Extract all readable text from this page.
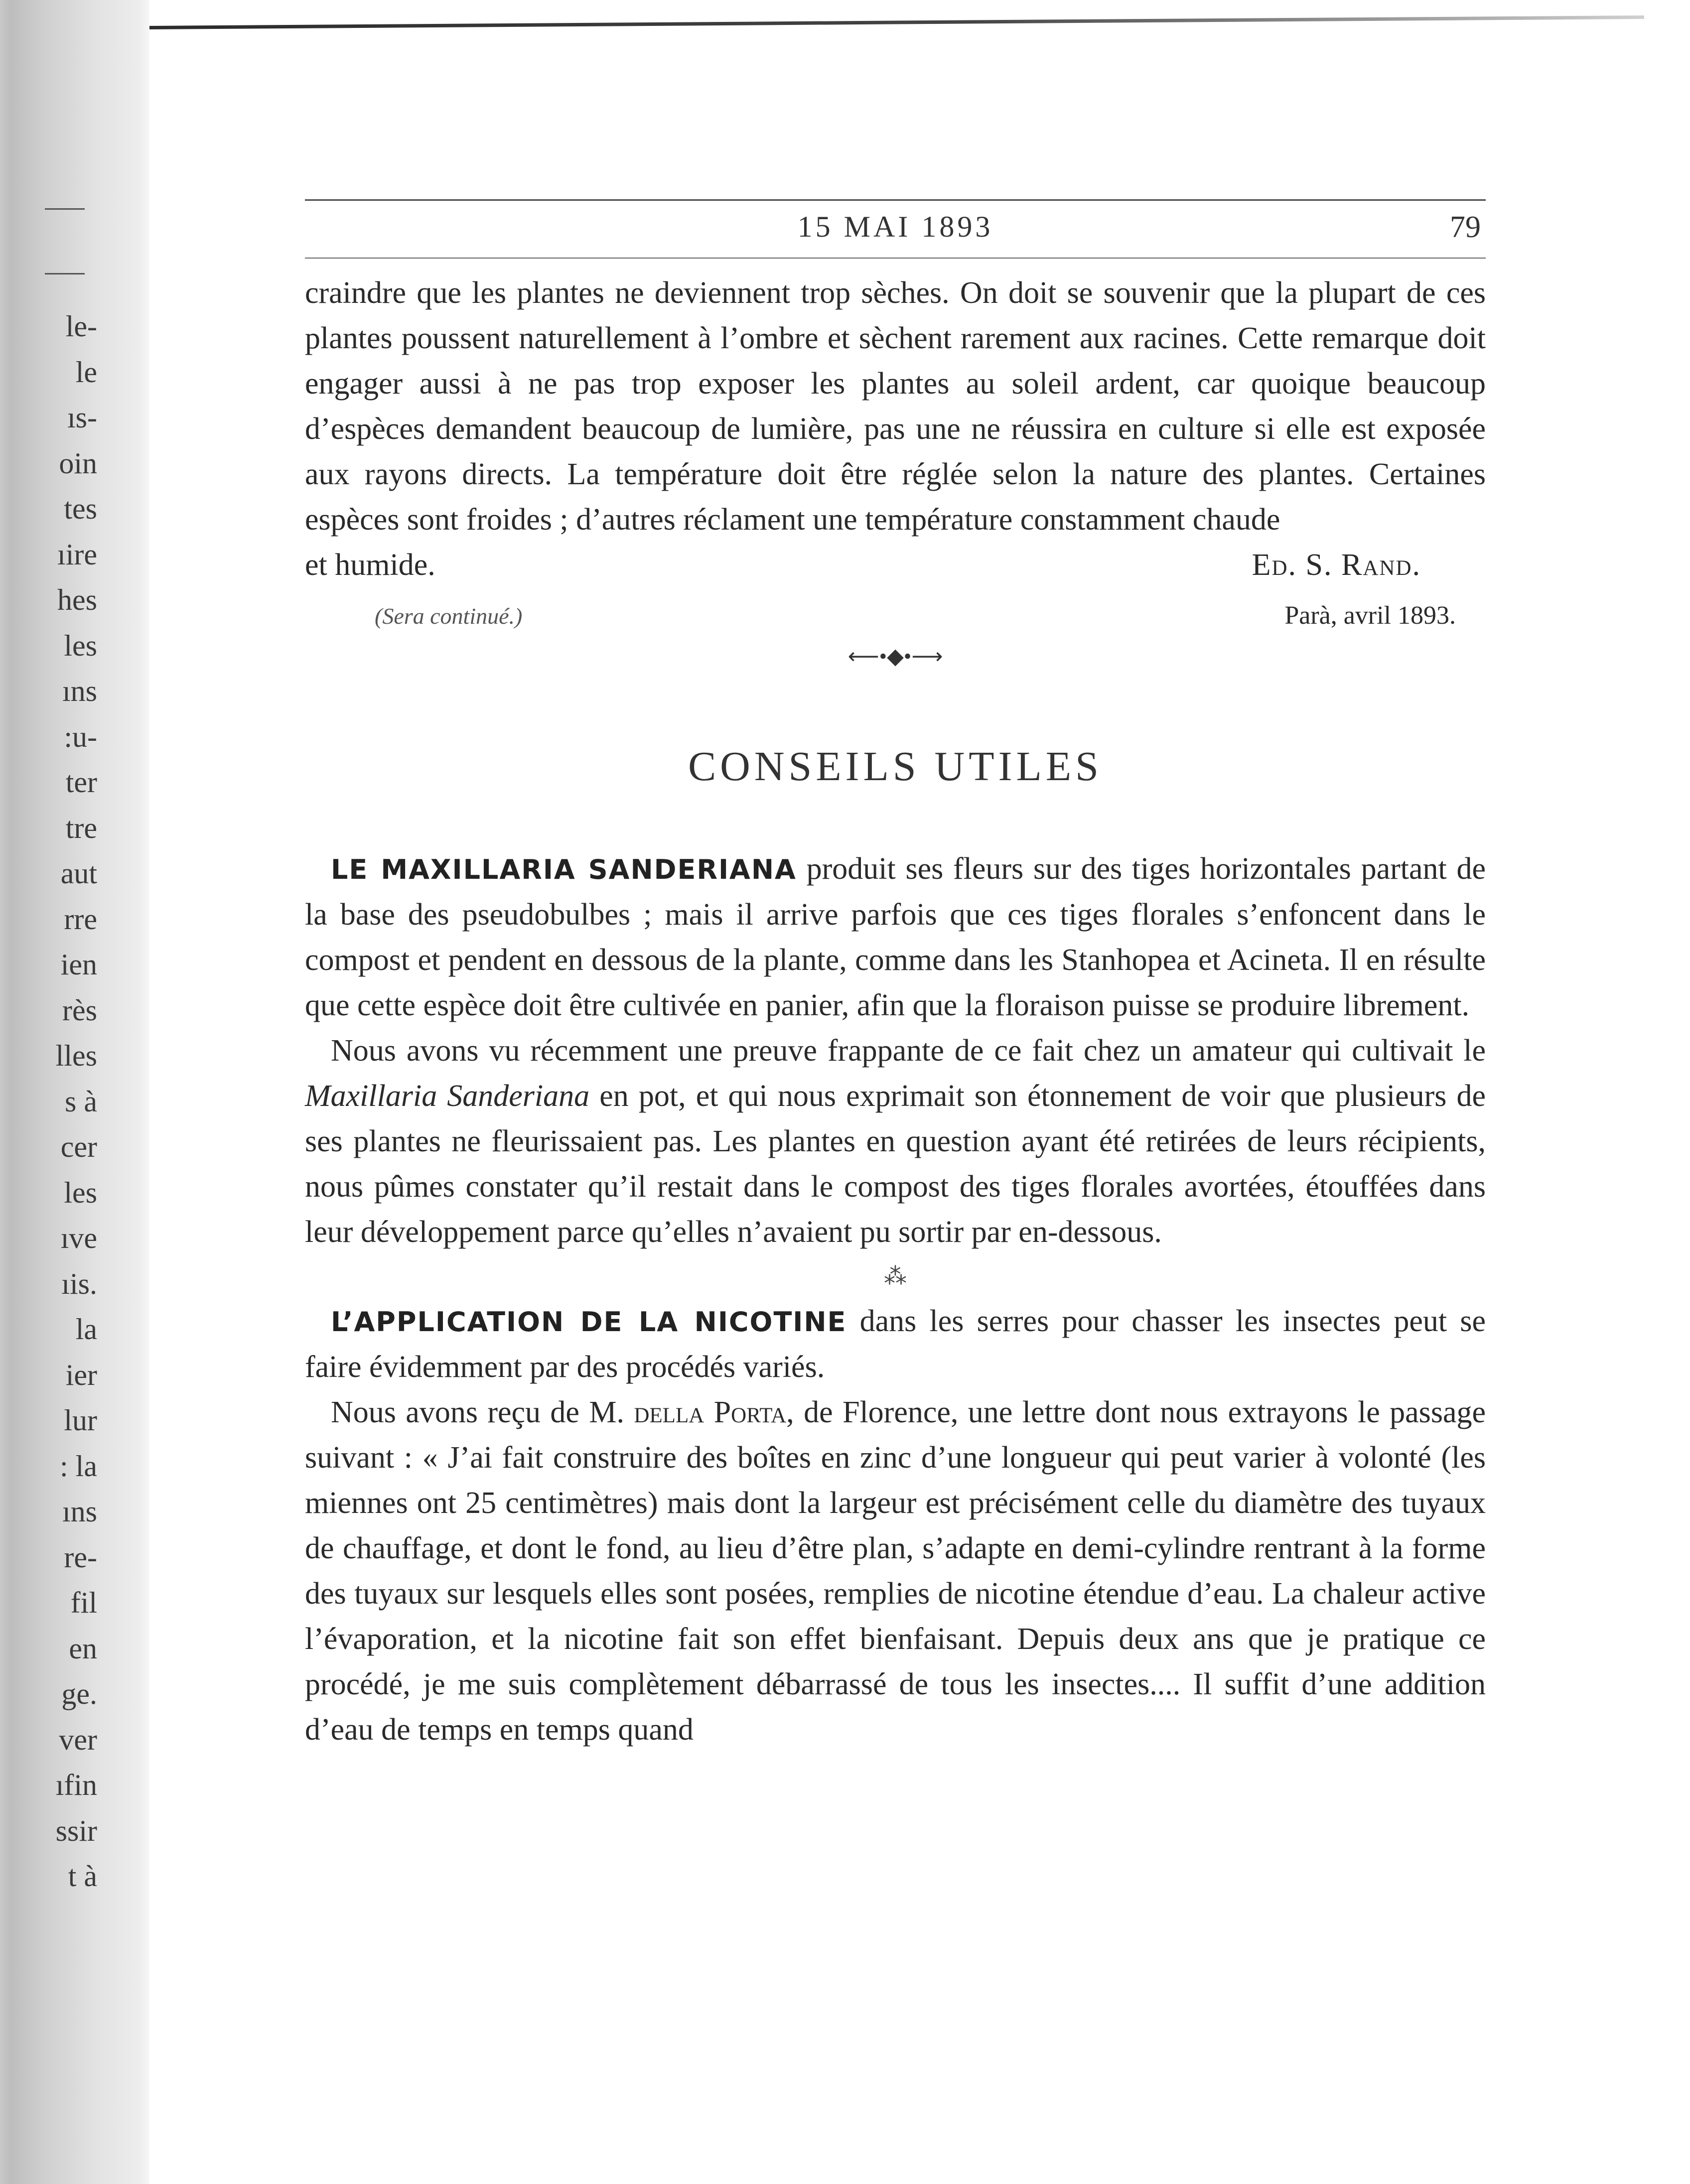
le-
le
ıs-
oin
tes
ıire
hes
les
ıns
:u-
ter
tre
aut
rre
ien
rès
lles
s à
cer
les
ıve
ıis.
la
ier
lur
: la
ıns
re-
fil
en
ge.
ver
ıfin
ssir
t à
15 MAI 1893	79

craindre que les plantes ne deviennent trop sèches. On doit se souvenir que la plupart de ces plantes poussent naturellement à l’ombre et sèchent rarement aux racines. Cette remarque doit engager aussi à ne pas trop exposer les plantes au soleil ardent, car quoique beaucoup d’espèces demandent beaucoup de lumière, pas une ne réussira en culture si elle est exposée aux rayons directs. La température doit être réglée selon la nature des plantes. Certaines espèces sont froides ; d’autres réclament une température constamment chaude

et humide.	Ed. S. Rand.
(Sera continué.)	Parà, avril 1893.
⟵•◆•⟶
CONSEILS UTILES

LE MAXILLARIA SANDERIANA produit ses fleurs sur des tiges horizontales partant de la base des pseudobulbes ; mais il arrive parfois que ces tiges florales s’enfoncent dans le compost et pendent en dessous de la plante, comme dans les Stanhopea et Acineta. Il en résulte que cette espèce doit être cultivée en panier, afin que la floraison puisse se produire librement.

Nous avons vu récemment une preuve frappante de ce fait chez un amateur qui cultivait le Maxillaria Sanderiana en pot, et qui nous exprimait son étonnement de voir que plusieurs de ses plantes ne fleurissaient pas. Les plantes en question ayant été retirées de leurs récipients, nous pûmes constater qu’il restait dans le compost des tiges florales avortées, étouffées dans leur développement parce qu’elles n’avaient pu sortir par en-dessous.

⁂

L’APPLICATION DE LA NICOTINE dans les serres pour chasser les insectes peut se faire évidemment par des procédés variés.

Nous avons reçu de M. della Porta, de Florence, une lettre dont nous extrayons le passage suivant : « J’ai fait construire des boîtes en zinc d’une longueur qui peut varier à volonté (les miennes ont 25 centimètres) mais dont la largeur est précisément celle du diamètre des tuyaux de chauffage, et dont le fond, au lieu d’être plan, s’adapte en demi-cylindre rentrant à la forme des tuyaux sur lesquels elles sont posées, remplies de nicotine étendue d’eau. La chaleur active l’évaporation, et la nicotine fait son effet bienfaisant. Depuis deux ans que je pratique ce procédé, je me suis complètement débarrassé de tous les insectes.... Il suffit d’une addition d’eau de temps en temps quand
